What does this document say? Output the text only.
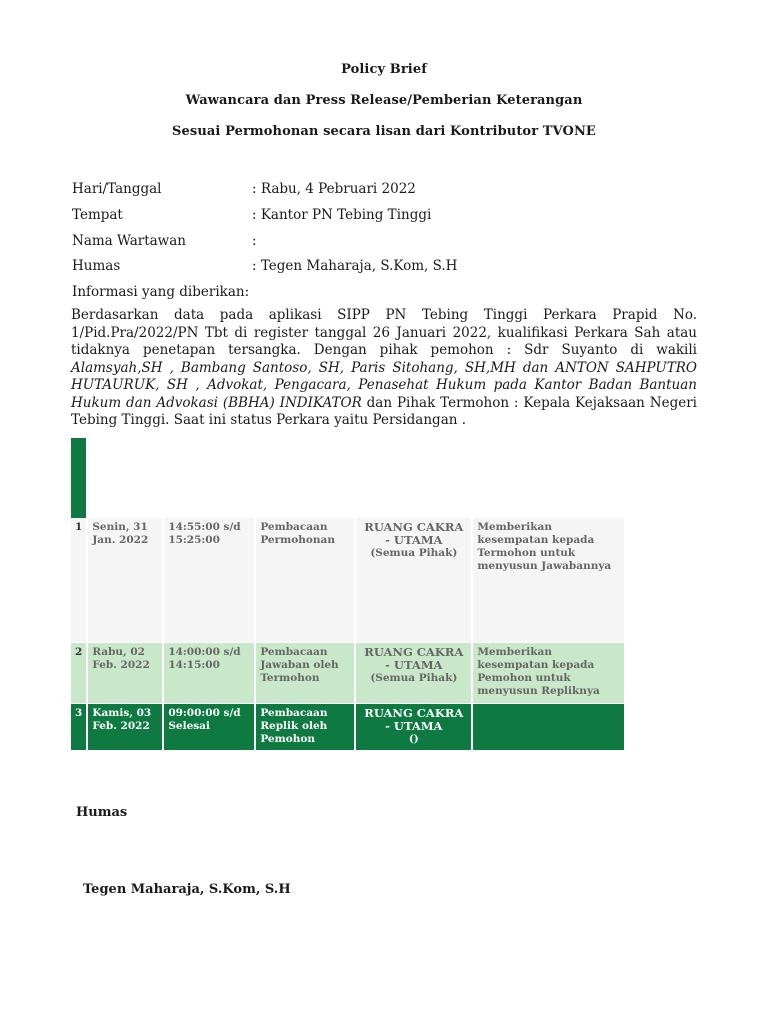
Policy Brief
Wawancara dan Press Release/Pemberian Keterangan
Sesuai Permohonan secara lisan dari Kontributor TVONE
Hari/Tanggal	: Rabu, 4 Pebruari 2022
Tempat	: Kantor PN Tebing Tinggi
Nama Wartawan	:
Humas	: Tegen Maharaja, S.Kom, S.H
Informasi yang diberikan:
Berdasarkan data pada aplikasi SIPP PN Tebing Tinggi Perkara Prapid No. 1/Pid.Pra/2022/PN Tbt di register tanggal 26 Januari 2022, kualifikasi Perkara Sah atau tidaknya penetapan tersangka. Dengan pihak pemohon : Sdr Suyanto di wakili Alamsyah,SH , Bambang Santoso, SH, Paris Sitohang, SH,MH dan ANTON SAHPUTRO HUTAURUK, SH , Advokat, Pengacara, Penasehat Hukum pada Kantor Badan Bantuan Hukum dan Advokasi (BBHA) INDIKATOR dan Pihak Termohon : Kepala Kejaksaan Negeri Tebing Tinggi. Saat ini status Perkara yaitu Persidangan .
1	Senin, 31 Jan. 2022	14:55:00 s/d 15:25:00	Pembacaan Permohonan	RUANG CAKRA - UTAMA
(Semua Pihak)	Memberikan kesempatan kepada Termohon untuk menyusun Jawabannya
2	Rabu, 02 Feb. 2022	14:00:00 s/d 14:15:00	Pembacaan Jawaban oleh Termohon	RUANG CAKRA - UTAMA
(Semua Pihak)	Memberikan kesempatan kepada Pemohon untuk menyusun Repliknya
3	Kamis, 03 Feb. 2022	09:00:00 s/d Selesai	Pembacaan Replik oleh Pemohon	RUANG CAKRA - UTAMA
()	

Humas
Tegen Maharaja, S.Kom, S.H
